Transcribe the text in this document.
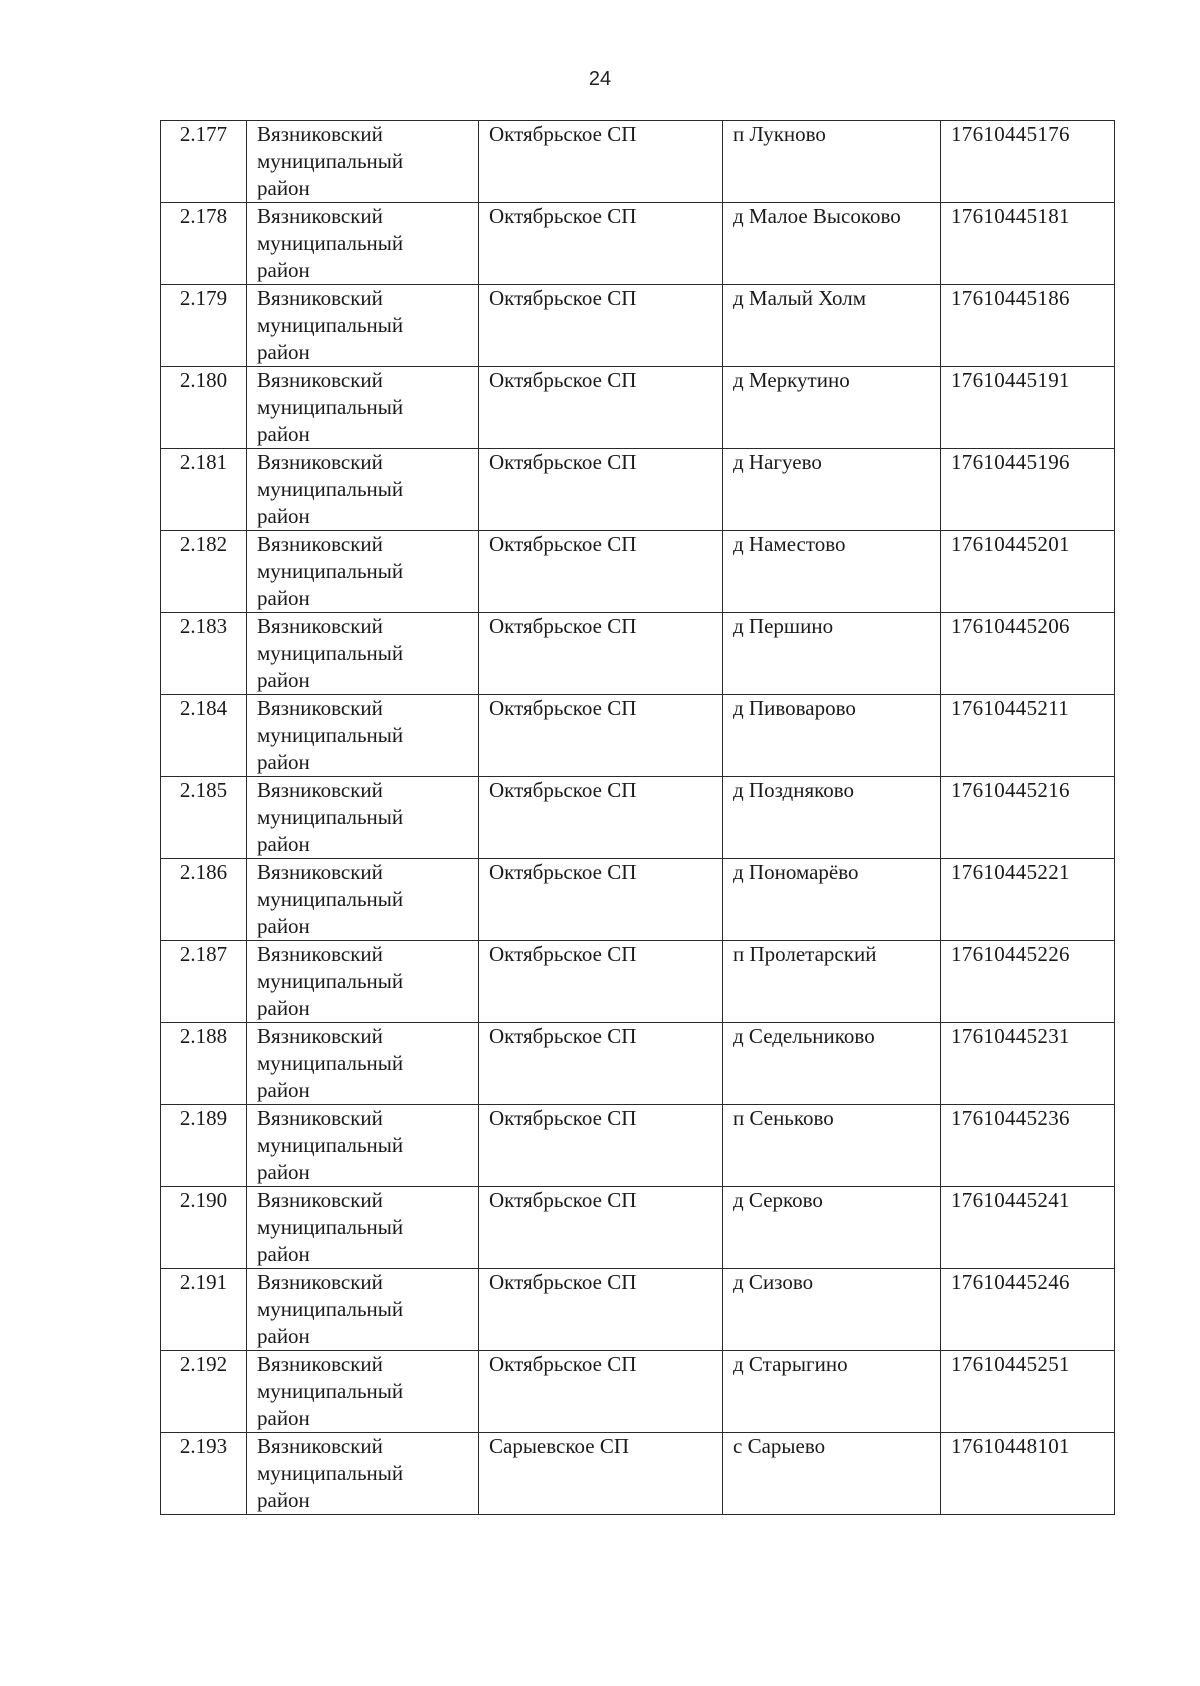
24
2.177	Вязниковский
муниципальный
район	Октябрьское СП	п Лукново	17610445176
2.178	Вязниковский
муниципальный
район	Октябрьское СП	д Малое Высоково	17610445181
2.179	Вязниковский
муниципальный
район	Октябрьское СП	д Малый Холм	17610445186
2.180	Вязниковский
муниципальный
район	Октябрьское СП	д Меркутино	17610445191
2.181	Вязниковский
муниципальный
район	Октябрьское СП	д Нагуево	17610445196
2.182	Вязниковский
муниципальный
район	Октябрьское СП	д Наместово	17610445201
2.183	Вязниковский
муниципальный
район	Октябрьское СП	д Першино	17610445206
2.184	Вязниковский
муниципальный
район	Октябрьское СП	д Пивоварово	17610445211
2.185	Вязниковский
муниципальный
район	Октябрьское СП	д Поздняково	17610445216
2.186	Вязниковский
муниципальный
район	Октябрьское СП	д Пономарёво	17610445221
2.187	Вязниковский
муниципальный
район	Октябрьское СП	п Пролетарский	17610445226
2.188	Вязниковский
муниципальный
район	Октябрьское СП	д Седельниково	17610445231
2.189	Вязниковский
муниципальный
район	Октябрьское СП	п Сеньково	17610445236
2.190	Вязниковский
муниципальный
район	Октябрьское СП	д Серково	17610445241
2.191	Вязниковский
муниципальный
район	Октябрьское СП	д Сизово	17610445246
2.192	Вязниковский
муниципальный
район	Октябрьское СП	д Старыгино	17610445251
2.193	Вязниковский
муниципальный
район	Сарыевское СП	с Сарыево	17610448101
